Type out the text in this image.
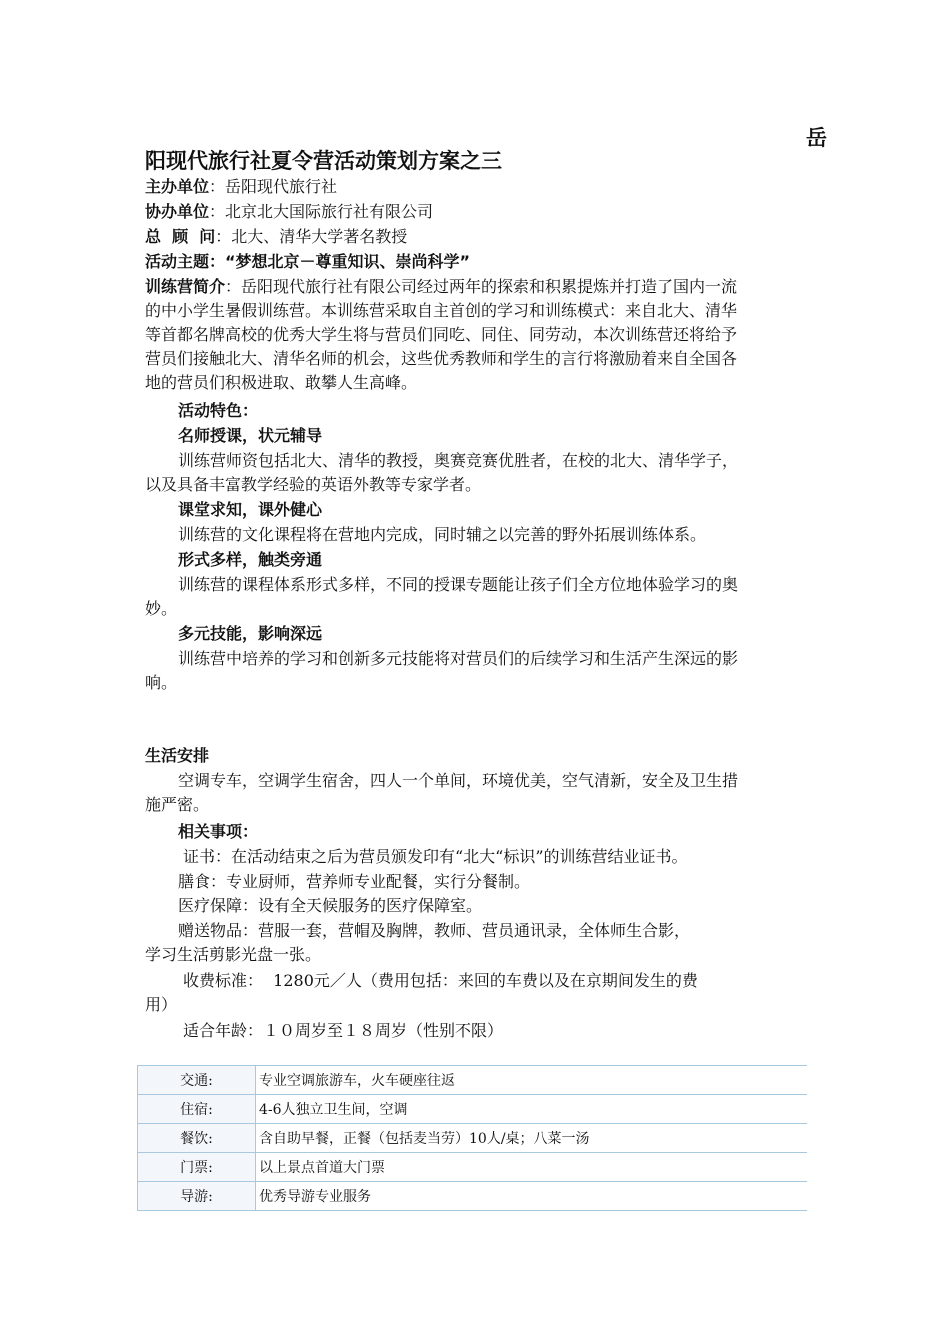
岳
阳现代旅行社夏令营活动策划方案之三
主办单位：岳阳现代旅行社
协办单位：北京北大国际旅行社有限公司
总  顾  问：北大、清华大学著名教授
活动主题：“梦想北京－尊重知识、崇尚科学”
训练营简介：岳阳现代旅行社有限公司经过两年的探索和积累提炼并打造了国内一流
的中小学生暑假训练营。本训练营采取自主首创的学习和训练模式：来自北大、清华
等首都名牌高校的优秀大学生将与营员们同吃、同住、同劳动，本次训练营还将给予
营员们接触北大、清华名师的机会，这些优秀教师和学生的言行将激励着来自全国各
地的营员们积极进取、敢攀人生高峰。
活动特色：
名师授课，状元辅导
训练营师资包括北大、清华的教授，奥赛竞赛优胜者，在校的北大、清华学子，
以及具备丰富教学经验的英语外教等专家学者。
课堂求知，课外健心
训练营的文化课程将在营地内完成，同时辅之以完善的野外拓展训练体系。
形式多样，触类旁通
训练营的课程体系形式多样，不同的授课专题能让孩子们全方位地体验学习的奥
妙。
多元技能，影响深远
训练营中培养的学习和创新多元技能将对营员们的后续学习和生活产生深远的影
响。
生活安排
空调专车，空调学生宿舍，四人一个单间，环境优美，空气清新，安全及卫生措
施严密。
相关事项：
证书：在活动结束之后为营员颁发印有“北大“标识”的训练营结业证书。
膳食：专业厨师，营养师专业配餐，实行分餐制。
医疗保障：设有全天候服务的医疗保障室。
赠送物品：营服一套，营帽及胸牌，教师、营员通讯录，全体师生合影，
学习生活剪影光盘一张。
收费标准：  1280元／人（费用包括：来回的车费以及在京期间发生的费
用）
适合年龄：１０周岁至１８周岁（性别不限）
交通:	专业空调旅游车，火车硬座往返
住宿:	4-6人独立卫生间，空调
餐饮:	含自助早餐，正餐（包括麦当劳）10人/桌；八菜一汤
门票:	以上景点首道大门票
导游:	优秀导游专业服务
